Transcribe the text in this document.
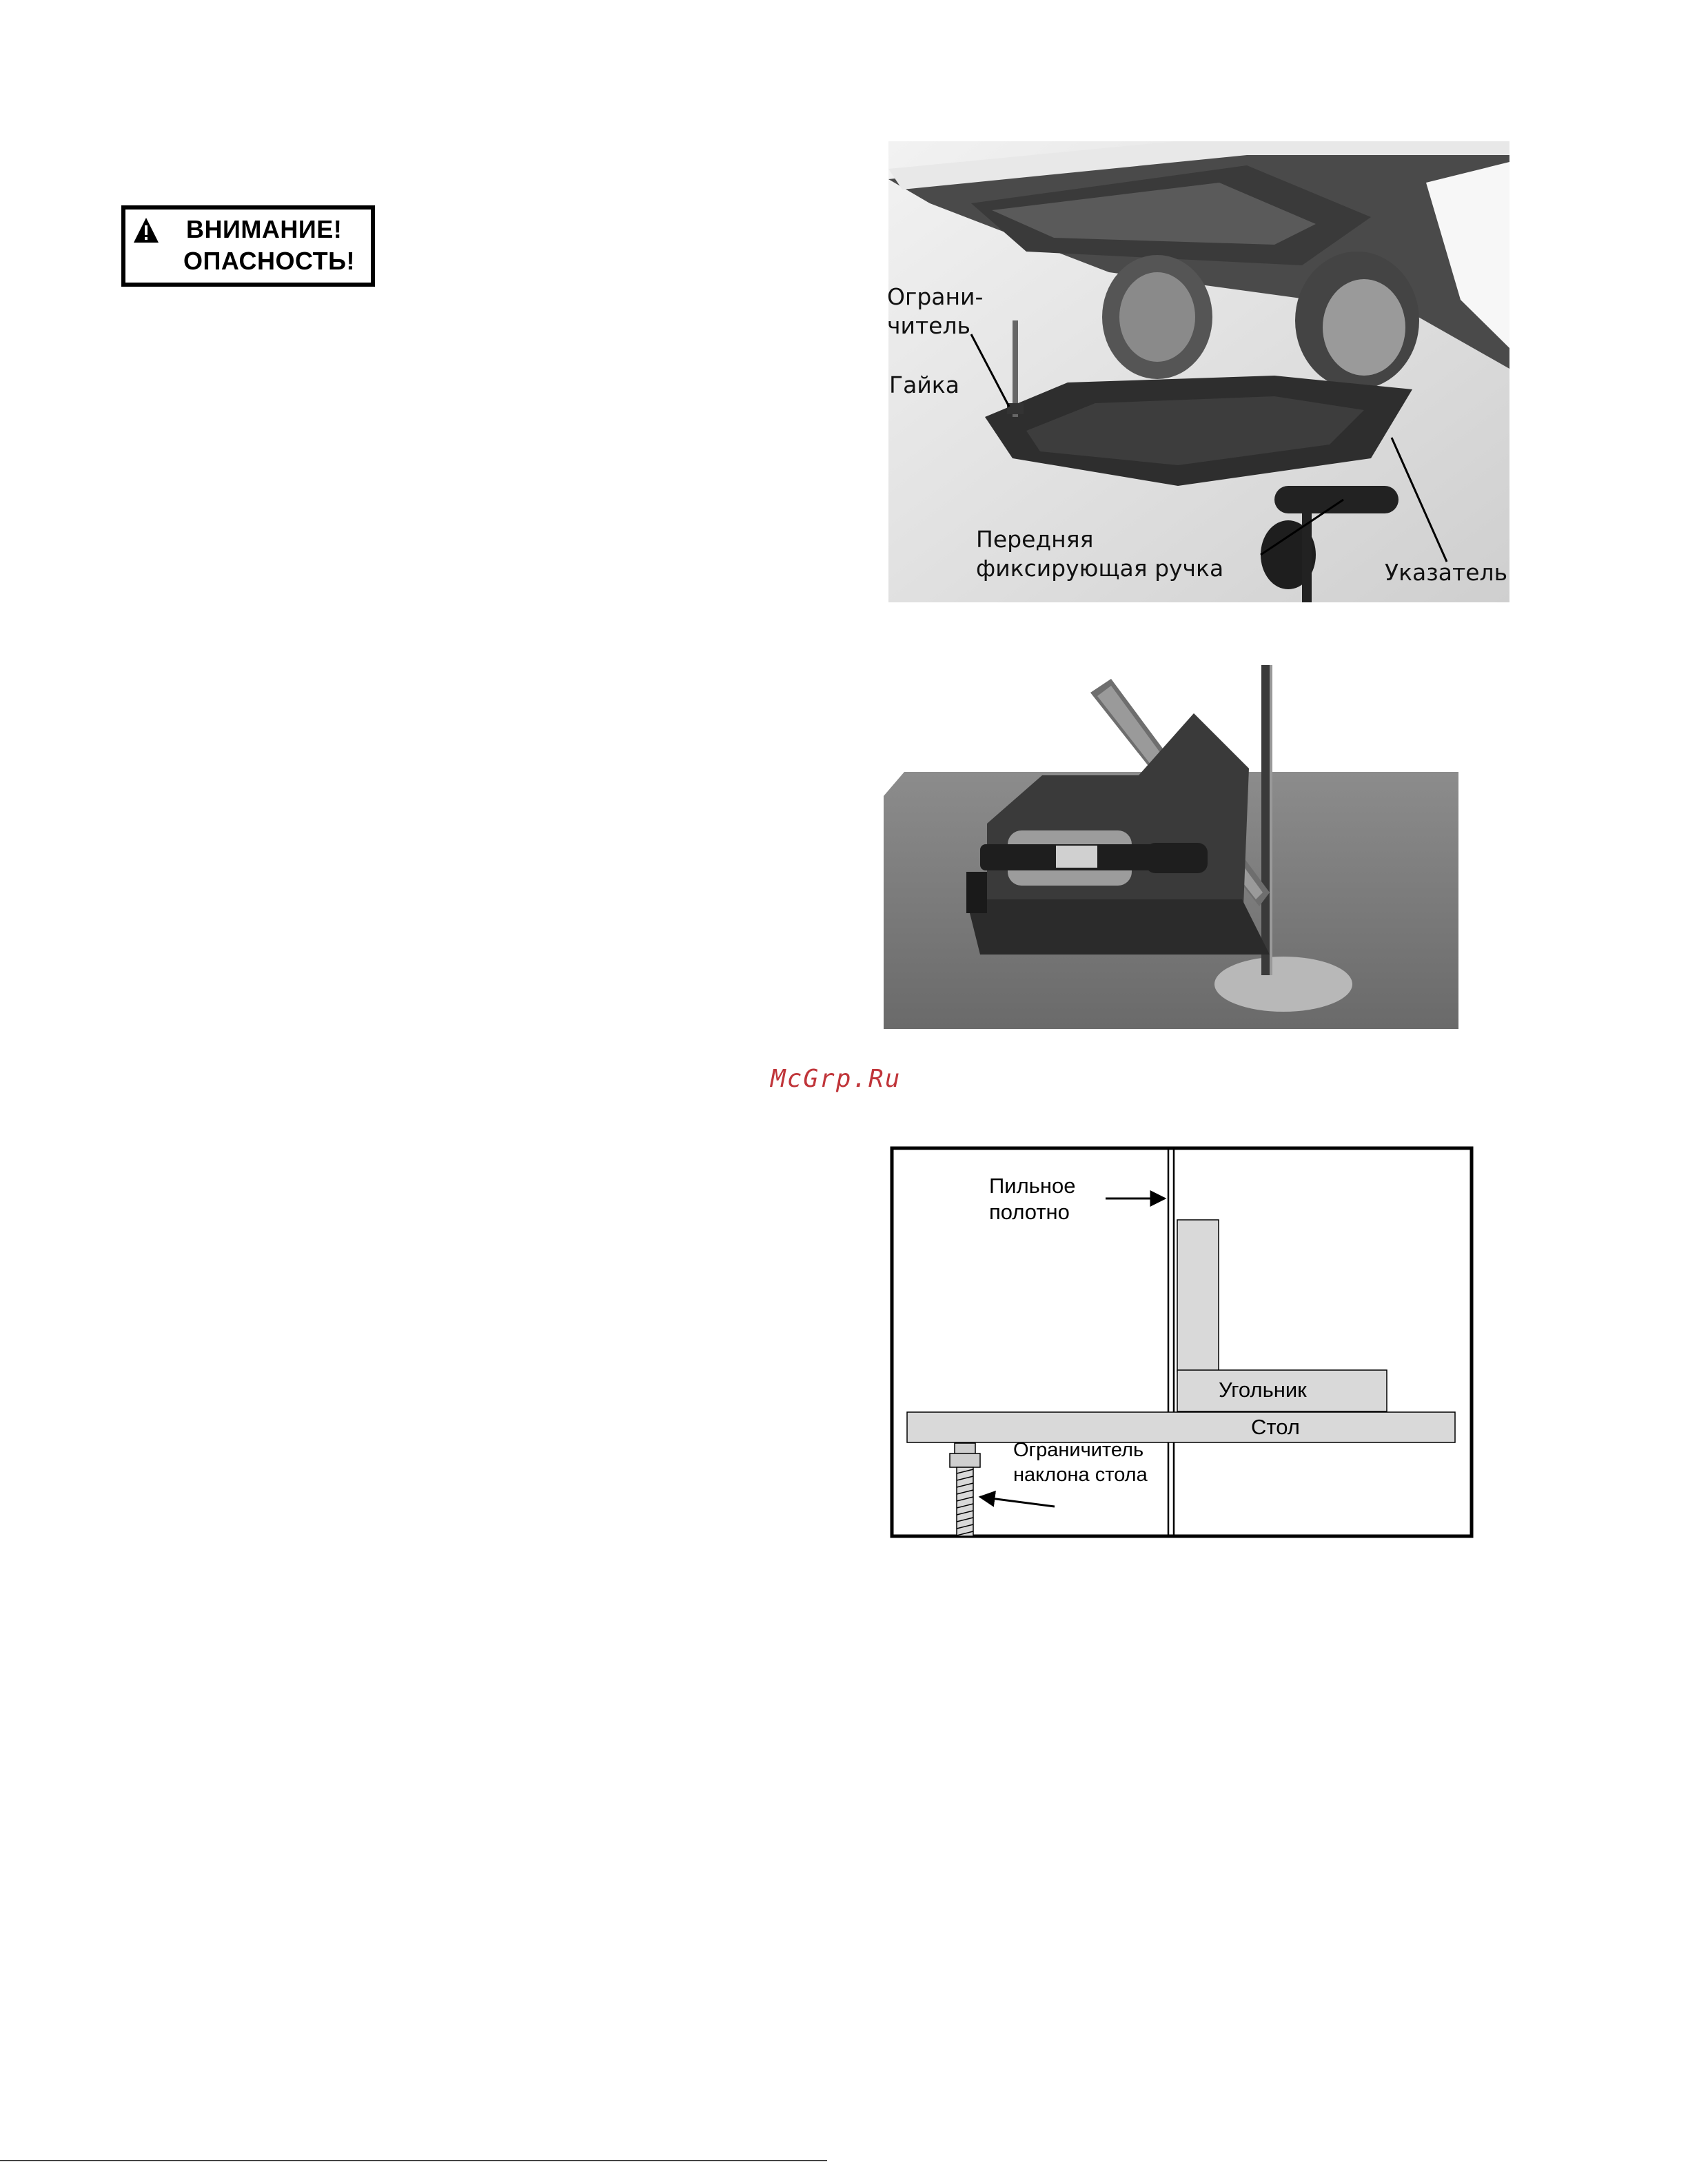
ВНИМАНИЕ!
ОПАСНОСТЬ!
Ограни-
читель
Гайка
Передняя
фиксирующая ручка	Указатель
McGrp.Ru
Пильное
полотно
Угольник
Стол
Ограничитель
наклона стола
